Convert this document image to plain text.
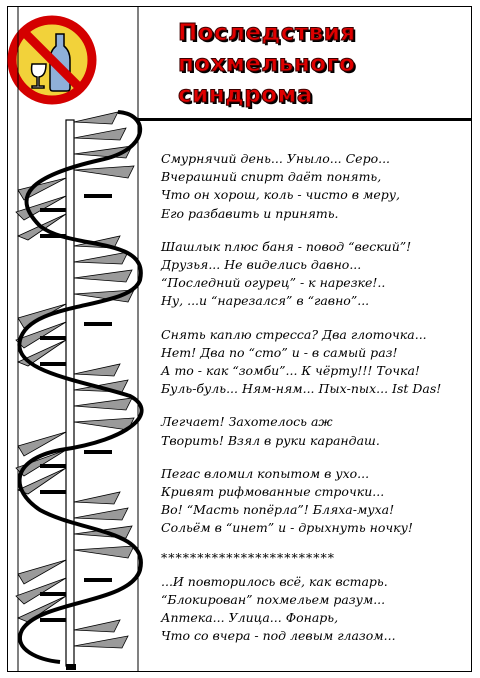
Последствия
похмельного
синдрома
Смурнячий день... Уныло... Серо...
Вчерашний спирт даёт понять,
Что он хорош, коль - чисто в меру,
Его разбавить и принять.
Шашлык плюс баня - повод “веский”!
Друзья... Не виделись давно...
“Последний огурец” - к нарезке!..
Ну, ...и “нарезался” в “гавно”...
Снять каплю стресса? Два глоточка...
Нет! Два по “сто” и - в самый раз!
А то - как “зомби”... К чёрту!!! Точка!
Буль-буль... Ням-ням... Пых-пых... Ist Das!
Легчает! Захотелось аж
Творить! Взял в руки карандаш.
Пегас вломил копытом в ухо...
Кривят рифмованные строчки...
Во! “Масть попёрла”! Бляха-муха!
Сольём в “инет” и - дрыхнуть ночку!
************************
...И повторилось всё, как встарь.
“Блокирован” похмельем разум...
Аптека... Улица... Фонарь,
Что со вчера - под левым глазом...
